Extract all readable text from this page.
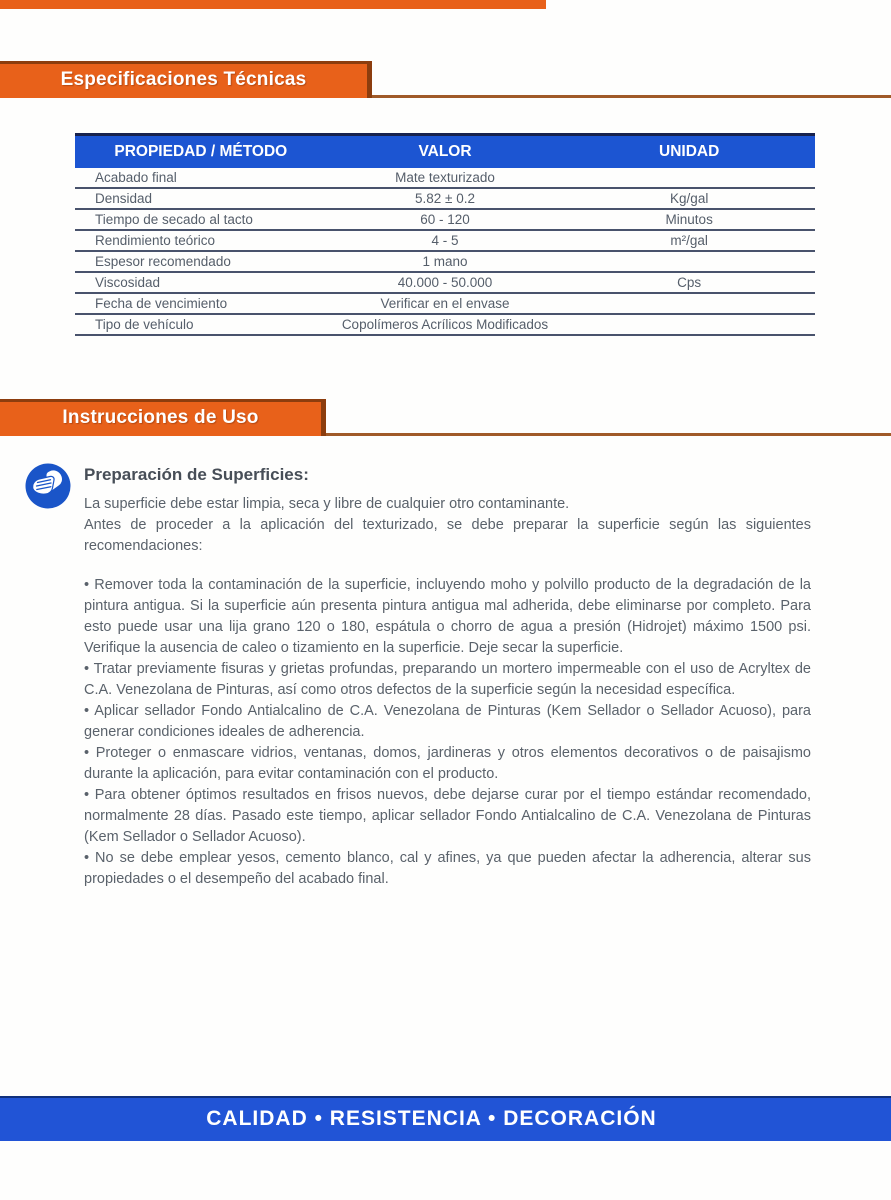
Especificaciones Técnicas
PROPIEDAD / MÉTODO	VALOR	UNIDAD
Acabado final	Mate texturizado
Densidad	5.82 ± 0.2	Kg/gal
Tiempo de secado al tacto	60 - 120	Minutos
Rendimiento teórico	4 - 5	m²/gal
Espesor recomendado	1 mano
Viscosidad	40.000 - 50.000	Cps
Fecha de vencimiento	Verificar en el envase
Tipo de vehículo	Copolímeros Acrílicos Modificados
Instrucciones de Uso
Preparación de Superficies:

La superficie debe estar limpia, seca y libre de cualquier otro contaminante.

Antes de proceder a la aplicación del texturizado, se debe preparar la superficie según las siguientes recomendaciones:

• Remover toda la contaminación de la superficie, incluyendo moho y polvillo producto de la degradación de la pintura antigua. Si la superficie aún presenta pintura antigua mal adherida, debe eliminarse por completo. Para esto puede usar una lija grano 120 o 180, espátula o chorro de agua a presión (Hidrojet) máximo 1500 psi. Verifique la ausencia de caleo o tizamiento en la superficie. Deje secar la superficie.

• Tratar previamente fisuras y grietas profundas, preparando un mortero impermeable con el uso de Acryltex de C.A. Venezolana de Pinturas, así como otros defectos de la superficie según la necesidad específica.

• Aplicar sellador Fondo Antialcalino de C.A. Venezolana de Pinturas (Kem Sellador o Sellador Acuoso), para generar condiciones ideales de adherencia.

• Proteger o enmascare vidrios, ventanas, domos, jardineras y otros elementos decorativos o de paisajismo durante la aplicación, para evitar contaminación con el producto.

• Para obtener óptimos resultados en frisos nuevos, debe dejarse curar por el tiempo estándar recomendado, normalmente 28 días. Pasado este tiempo, aplicar sellador Fondo Antialcalino de C.A. Venezolana de Pinturas (Kem Sellador o Sellador Acuoso).

• No se debe emplear yesos, cemento blanco, cal y afines, ya que pueden afectar la adherencia, alterar sus propiedades o el desempeño del acabado final.

CALIDAD • RESISTENCIA • DECORACIÓN
